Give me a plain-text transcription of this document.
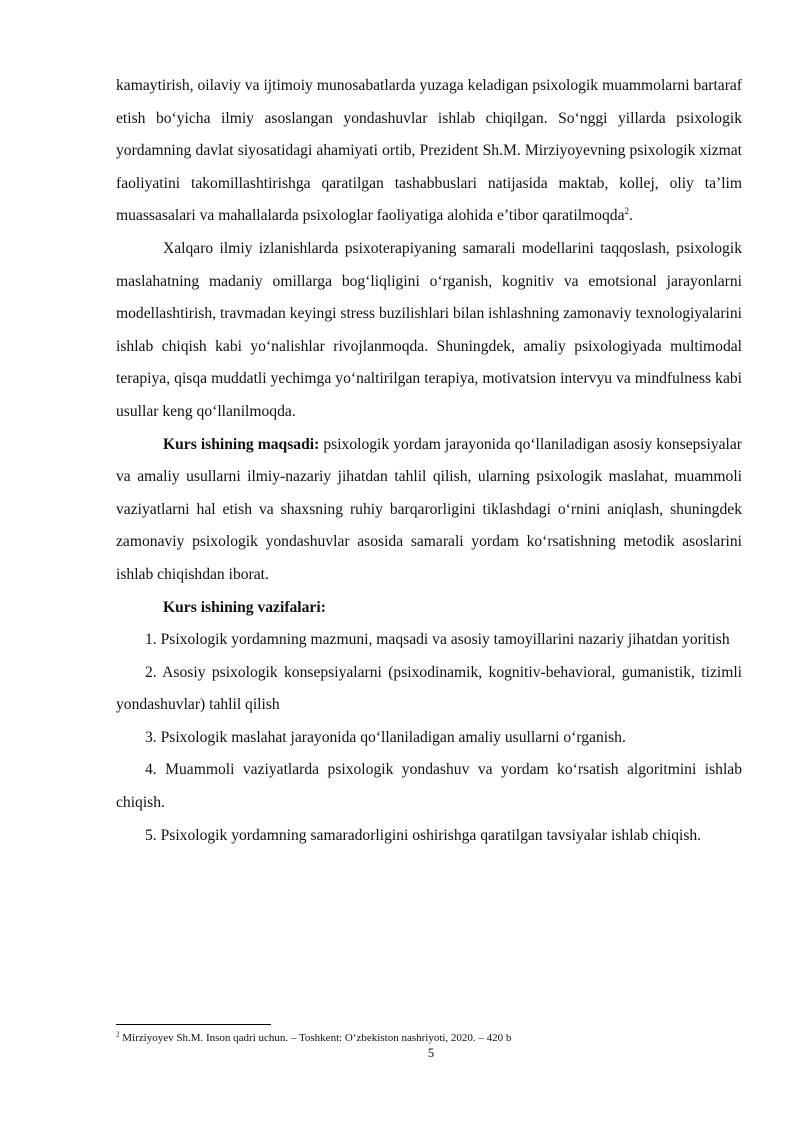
kamaytirish, oilaviy va ijtimoiy munosabatlarda yuzaga keladigan psixologik muammolarni bartaraf etish bo‘yicha ilmiy asoslangan yondashuvlar ishlab chiqilgan. So‘nggi yillarda psixologik yordamning davlat siyosatidagi ahamiyati ortib, Prezident Sh.M. Mirziyoyevning psixologik xizmat faoliyatini takomillashtirishga qaratilgan tashabbuslari natijasida maktab, kollej, oliy ta’lim muassasalari va mahallalarda psixologlar faoliyatiga alohida e’tibor qaratilmoqda$^2$.

Xalqaro ilmiy izlanishlarda psixoterapiyaning samarali modellarini taqqoslash, psixologik maslahatning madaniy omillarga bog‘liqligini o‘rganish, kognitiv va emotsional jarayonlarni modellashtirish, travmadan keyingi stress buzilishlari bilan ishlashning zamonaviy texnologiyalarini ishlab chiqish kabi yo‘nalishlar rivojlanmoqda. Shuningdek, amaliy psixologiyada multimodal terapiya, qisqa muddatli yechimga yo‘naltirilgan terapiya, motivatsion intervyu va mindfulness kabi usullar keng qo‘llanilmoqda.

Kurs ishining maqsadi: psixologik yordam jarayonida qo‘llaniladigan asosiy konsepsiyalar va amaliy usullarni ilmiy-nazariy jihatdan tahlil qilish, ularning psixologik maslahat, muammoli vaziyatlarni hal etish va shaxsning ruhiy barqarorligini tiklashdagi o‘rnini aniqlash, shuningdek zamonaviy psixologik yondashuvlar asosida samarali yordam ko‘rsatishning metodik asoslarini ishlab chiqishdan iborat.

Kurs ishining vazifalari:

1. Psixologik yordamning mazmuni, maqsadi va asosiy tamoyillarini nazariy jihatdan yoritish

2. Asosiy psixologik konsepsiyalarni (psixodinamik, kognitiv-behavioral, gumanistik, tizimli yondashuvlar) tahlil qilish

3. Psixologik maslahat jarayonida qo‘llaniladigan amaliy usullarni o‘rganish.

4. Muammoli vaziyatlarda psixologik yondashuv va yordam ko‘rsatish algoritmini ishlab chiqish.

5. Psixologik yordamning samaradorligini oshirishga qaratilgan tavsiyalar ishlab chiqish.

$^2$ Mirziyoyev Sh.M. Inson qadri uchun. – Toshkent: O‘zbekiston nashriyoti, 2020. – 420 b
5
